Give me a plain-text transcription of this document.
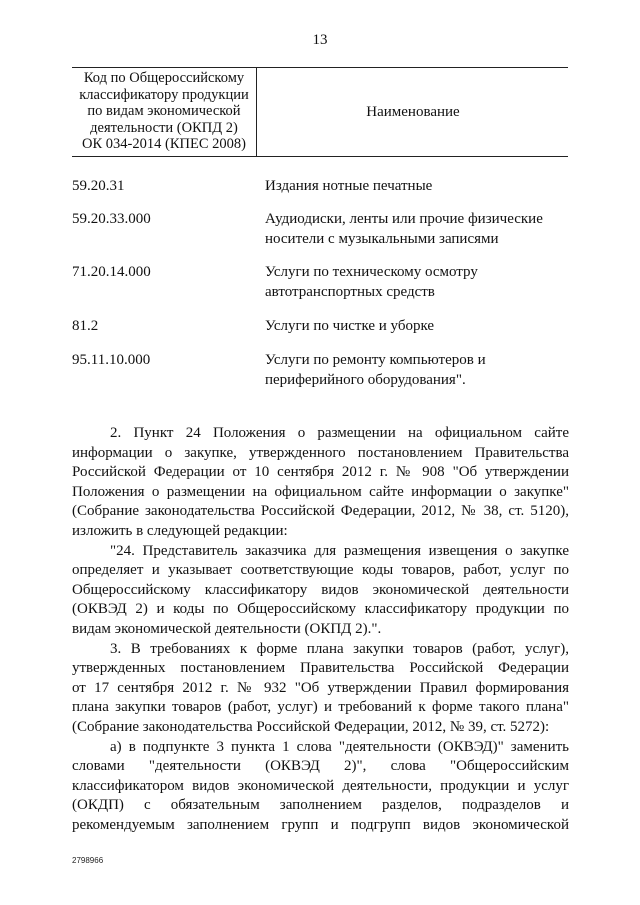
13
Код по Общероссийскому
классификатору продукции
по видам экономической
деятельности (ОКПД 2)
ОК 034-2014 (КПЕС 2008)
Наименование
59.20.31	Издания нотные печатные
59.20.33.000	Аудиодиски, ленты или прочие физические
носители с музыкальными записями
71.20.14.000	Услуги по техническому осмотру
автотранспортных средств
81.2	Услуги по чистке и уборке
95.11.10.000	Услуги по ремонту компьютеров и
периферийного оборудования".

2. Пункт 24 Положения о размещении на официальном сайте

информации о закупке, утвержденного постановлением Правительства

Российской Федерации от 10 сентября 2012 г. № 908 "Об утверждении

Положения о размещении на официальном сайте информации о закупке"

(Собрание законодательства Российской Федерации, 2012, № 38, ст. 5120),

изложить в следующей редакции:

"24. Представитель заказчика для размещения извещения о закупке

определяет и указывает соответствующие коды товаров, работ, услуг по

Общероссийскому классификатору видов экономической деятельности

(ОКВЭД 2) и коды по Общероссийскому классификатору продукции по

видам экономической деятельности (ОКПД 2).".

3. В требованиях к форме плана закупки товаров (работ, услуг),

утвержденных постановлением Правительства Российской Федерации

от 17 сентября 2012 г. № 932 "Об утверждении Правил формирования

плана закупки товаров (работ, услуг) и требований к форме такого плана"

(Собрание законодательства Российской Федерации, 2012, № 39, ст. 5272):

а) в подпункте 3 пункта 1 слова "деятельности (ОКВЭД)" заменить

словами "деятельности (ОКВЭД 2)", слова "Общероссийским

классификатором видов экономической деятельности, продукции и услуг

(ОКДП) с обязательным заполнением разделов, подразделов и

рекомендуемым заполнением групп и подгрупп видов экономической

2798966
